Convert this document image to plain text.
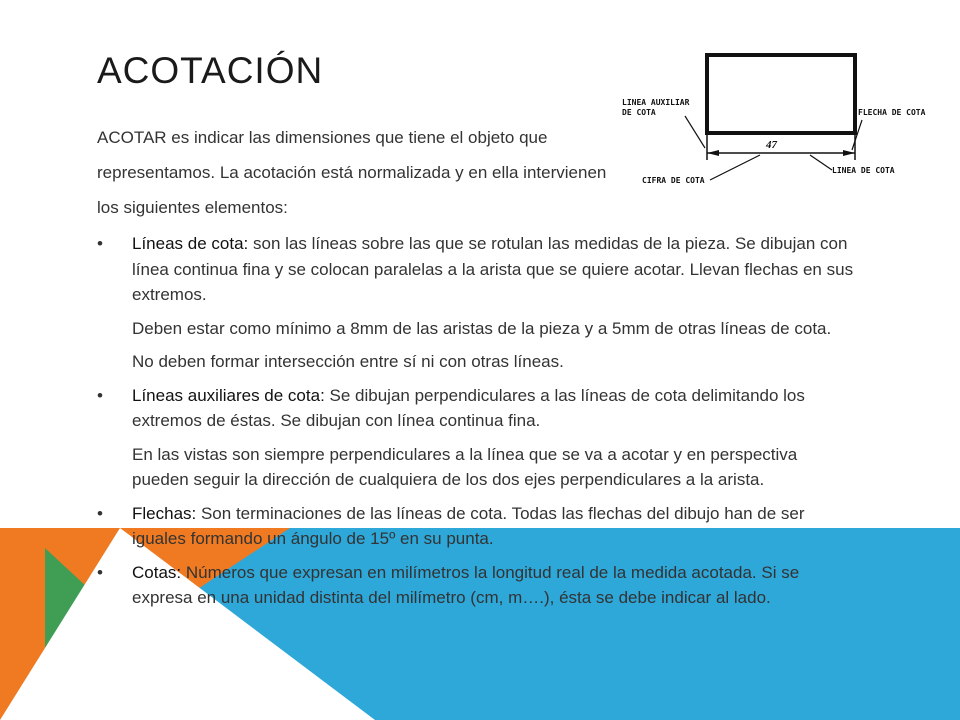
ACOTACIÓN

ACOTAR es indicar las dimensiones que tiene el objeto que representamos. La acotación está normalizada y en ella intervienen los siguientes elementos:

47
LINEA AUXILIAR
DE COTA	FLECHA DE COTA
CIFRA DE COTA
LINEA DE COTA
• Líneas de cota: son las líneas sobre las que se rotulan las medidas de la pieza. Se dibujan con línea continua fina y se colocan paralelas a la arista que se quiere acotar. Llevan flechas en sus extremos.

Deben estar como mínimo a 8mm de las aristas de la pieza y a 5mm de otras líneas de cota.

No deben formar intersección entre sí ni con otras líneas.

• Líneas auxiliares de cota: Se dibujan perpendiculares a las líneas de cota delimitando los extremos de éstas. Se dibujan con línea continua fina.

En las vistas son siempre perpendiculares a la línea que se va a acotar y en perspectiva pueden seguir la dirección de cualquiera de los dos ejes perpendiculares a la arista.

• Flechas: Son terminaciones de las líneas de cota. Todas las flechas del dibujo han de ser iguales formando un ángulo de 15º en su punta.

• Cotas: Números que expresan en milímetros la longitud real de la medida acotada. Si se expresa en una unidad distinta del milímetro (cm, m….), ésta se debe indicar al lado.
